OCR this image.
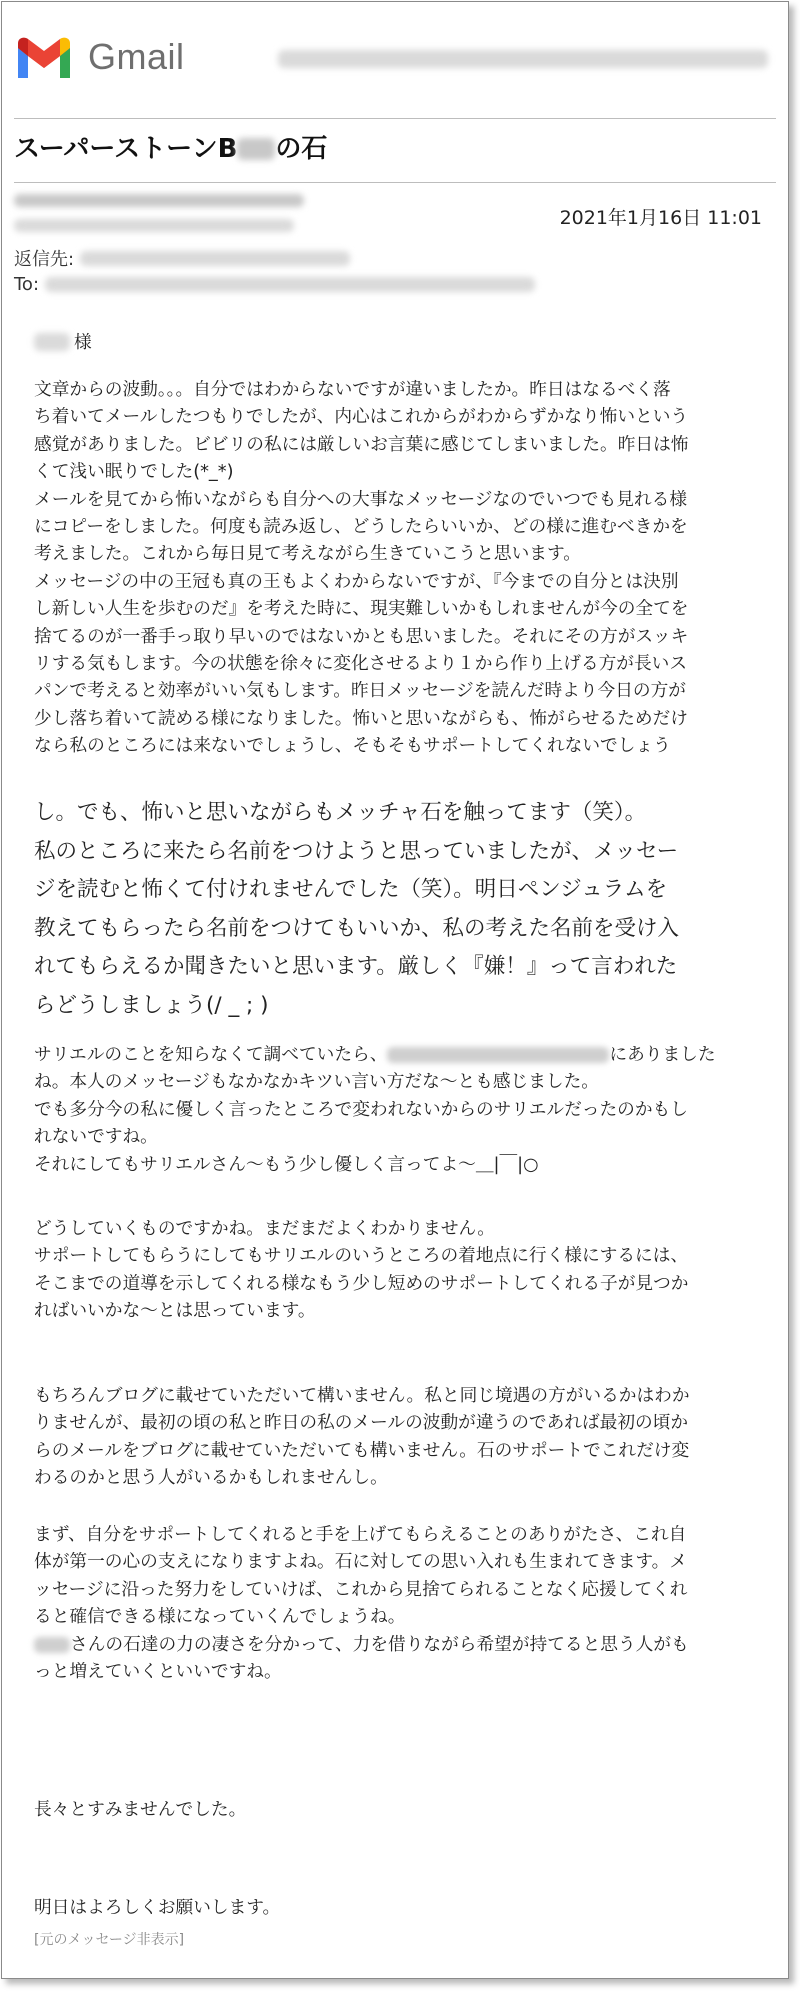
Gmail
スーパーストーンB の石

2021年1月16日 11:01
返信先:
To:
様
文章からの波動。。。自分ではわからないですが違いましたか。昨日はなるべく落
ち着いてメールしたつもりでしたが、内心はこれからがわからずかなり怖いという
感覚がありました。ビビリの私には厳しいお言葉に感じてしまいました。昨日は怖
くて浅い眠りでした(*_*)
メールを見てから怖いながらも自分への大事なメッセージなのでいつでも見れる様
にコピーをしました。何度も読み返し、どうしたらいいか、どの様に進むべきかを
考えました。これから毎日見て考えながら生きていこうと思います。
メッセージの中の王冠も真の王もよくわからないですが、『今までの自分とは決別
し新しい人生を歩むのだ』を考えた時に、現実難しいかもしれませんが今の全てを
捨てるのが一番手っ取り早いのではないかとも思いました。それにその方がスッキ
リする気もします。今の状態を徐々に変化させるより１から作り上げる方が長いス
パンで考えると効率がいい気もします。昨日メッセージを読んだ時より今日の方が
少し落ち着いて読める様になりました。怖いと思いながらも、怖がらせるためだけ
なら私のところには来ないでしょうし、そもそもサポートしてくれないでしょう
し。でも、怖いと思いながらもメッチャ石を触ってます（笑）。
私のところに来たら名前をつけようと思っていましたが、メッセー
ジを読むと怖くて付けれませんでした（笑）。明日ペンジュラムを
教えてもらったら名前をつけてもいいか、私の考えた名前を受け入
れてもらえるか聞きたいと思います。厳しく『嫌！』って言われた
らどうしましょう(/ _ ; )
サリエルのことを知らなくて調べていたら、	にありました
ね。本人のメッセージもなかなかキツい言い方だな〜とも感じました。
でも多分今の私に優しく言ったところで変われないからのサリエルだったのかもし
れないですね。
それにしてもサリエルさん〜もう少し優しく言ってよ〜＿|￣|○
どうしていくものですかね。まだまだよくわかりません。
サポートしてもらうにしてもサリエルのいうところの着地点に行く様にするには、
そこまでの道導を示してくれる様なもう少し短めのサポートしてくれる子が見つか
ればいいかな〜とは思っています。
もちろんブログに載せていただいて構いません。私と同じ境遇の方がいるかはわか
りませんが、最初の頃の私と昨日の私のメールの波動が違うのであれば最初の頃か
らのメールをブログに載せていただいても構いません。石のサポートでこれだけ変
わるのかと思う人がいるかもしれませんし。
まず、自分をサポートしてくれると手を上げてもらえることのありがたさ、これ自
体が第一の心の支えになりますよね。石に対しての思い入れも生まれてきます。メ
ッセージに沿った努力をしていけば、これから見捨てられることなく応援してくれ
ると確信できる様になっていくんでしょうね。
さんの石達の力の凄さを分かって、力を借りながら希望が持てると思う人がも
っと増えていくといいですね。
長々とすみませんでした。
明日はよろしくお願いします。
[元のメッセージ非表示]
